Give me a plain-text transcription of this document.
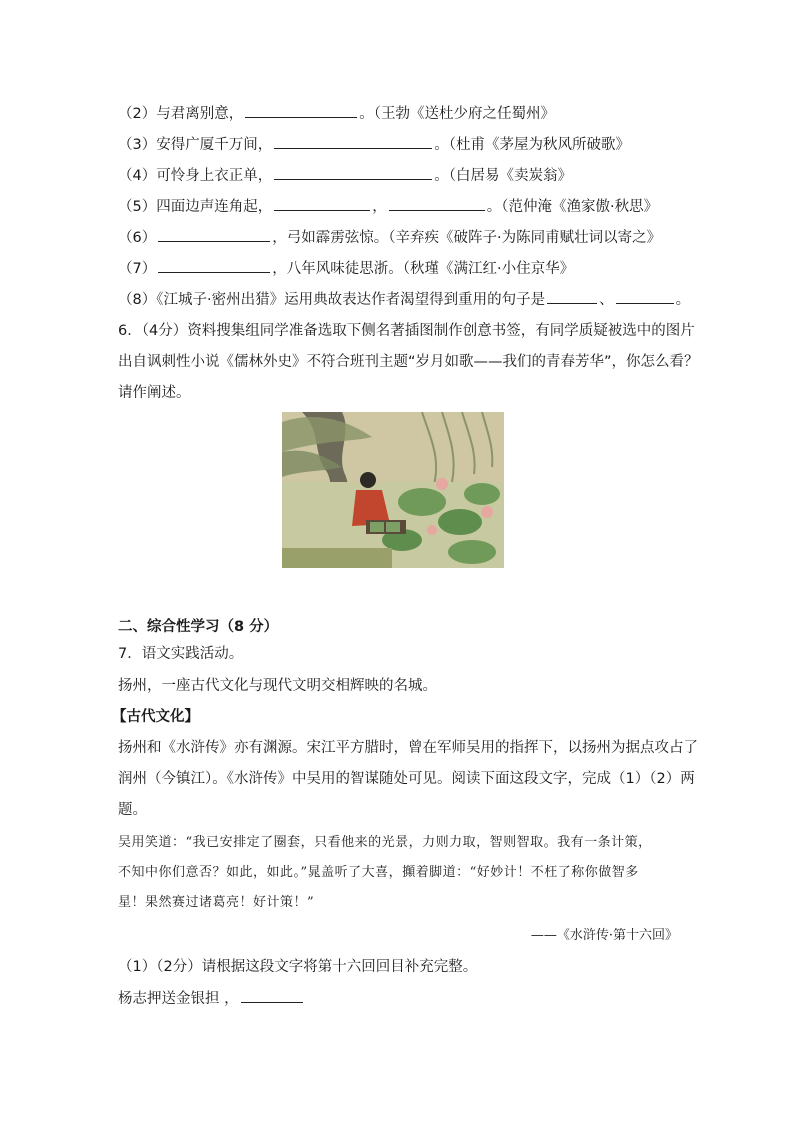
（2）与君离别意，	。（王勃《送杜少府之任蜀州》
（3）安得广厦千万间，	。（杜甫《茅屋为秋风所破歌》
（4）可怜身上衣正单，	。（白居易《卖炭翁》
（5）四面边声连角起，	，	。（范仲淹《渔家傲·秋思》
（6）	，弓如霹雳弦惊。（辛弃疾《破阵子·为陈同甫赋壮词以寄之》
（7）	，八年风味徒思浙。（秋瑾《满江红·小住京华》
（8）《江城子·密州出猎》运用典故表达作者渴望得到重用的句子是	、	。
6．（4分）资料搜集组同学准备选取下侧名著插图制作创意书签，有同学质疑被选中的图片
出自讽刺性小说《儒林外史》不符合班刊主题“岁月如歌——我们的青春芳华”，你怎么看？
请作阐述。
二、综合性学习（8 分）
7．语文实践活动。
扬州，一座古代文化与现代文明交相辉映的名城。
【古代文化】
扬州和《水浒传》亦有渊源。宋江平方腊时，曾在军师吴用的指挥下，以扬州为据点攻占了
润州（今镇江）。《水浒传》中吴用的智谋随处可见。阅读下面这段文字，完成（1）（2）两
题。
吴用笑道：“我已安排定了圈套，只看他来的光景，力则力取，智则智取。我有一条计策，
不知中你们意否？如此，如此。”晁盖听了大喜，攧着脚道：“好妙计！不枉了称你做智多
星！果然赛过诸葛亮！好计策！”
——《水浒传·第十六回》
（1）（2分）请根据这段文字将第十六回回目补充完整。
杨志押送金银担 ，
